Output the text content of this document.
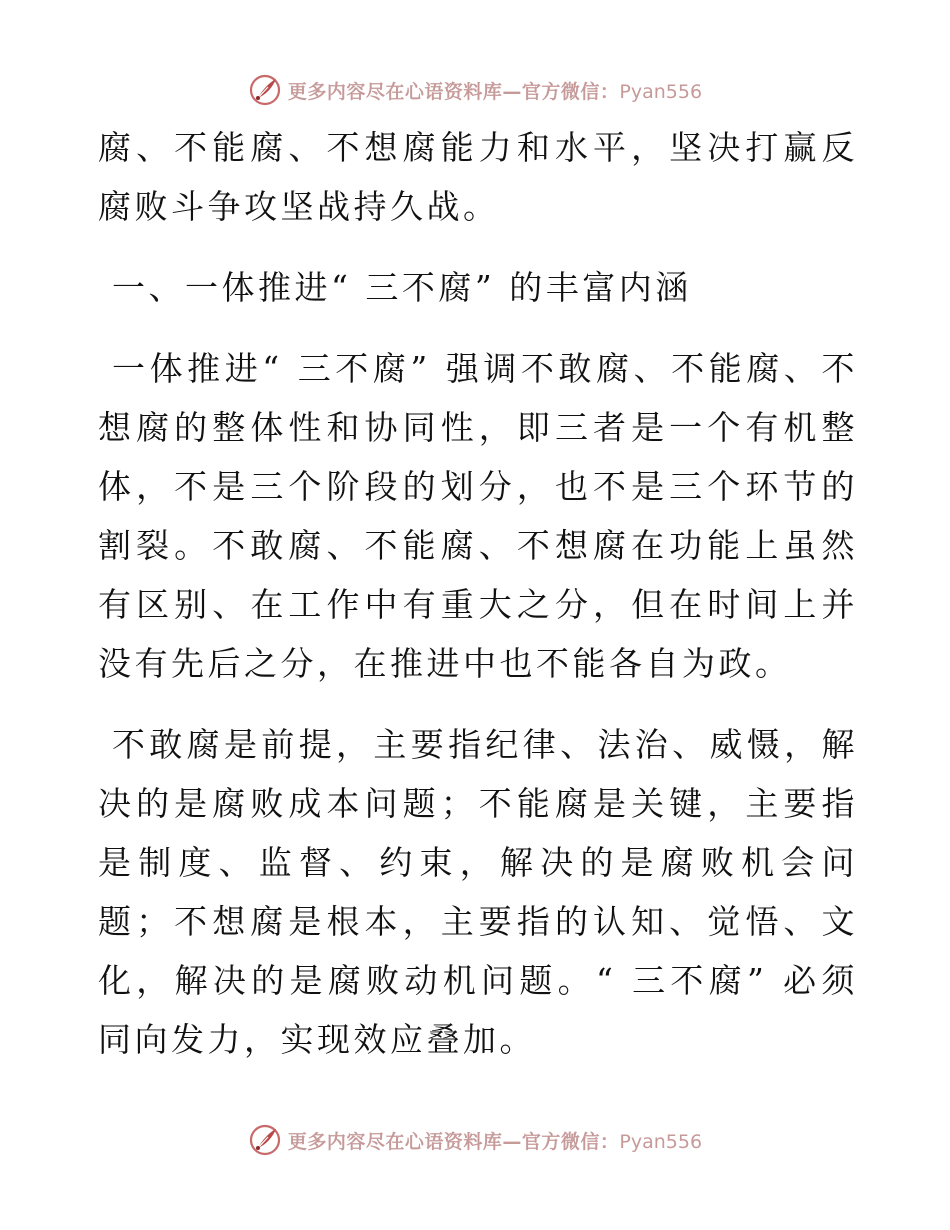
更多内容尽在心语资料库—官方微信：Pyan556

腐、不能腐、不想腐能力和水平，坚决打赢反腐败斗争攻坚战持久战。

一、一体推进“ 三不腐” 的丰富内涵

一体推进“ 三不腐” 强调不敢腐、不能腐、不想腐的整体性和协同性，即三者是一个有机整体，不是三个阶段的划分，也不是三个环节的割裂。不敢腐、不能腐、不想腐在功能上虽然有区别、在工作中有重大之分，但在时间上并没有先后之分，在推进中也不能各自为政。

不敢腐是前提，主要指纪律、法治、威慑，解决的是腐败成本问题；不能腐是关键，主要指是制度、监督、约束，解决的是腐败机会问题；不想腐是根本，主要指的认知、觉悟、文化，解决的是腐败动机问题。“ 三不腐” 必须同向发力，实现效应叠加。

更多内容尽在心语资料库—官方微信：Pyan556
